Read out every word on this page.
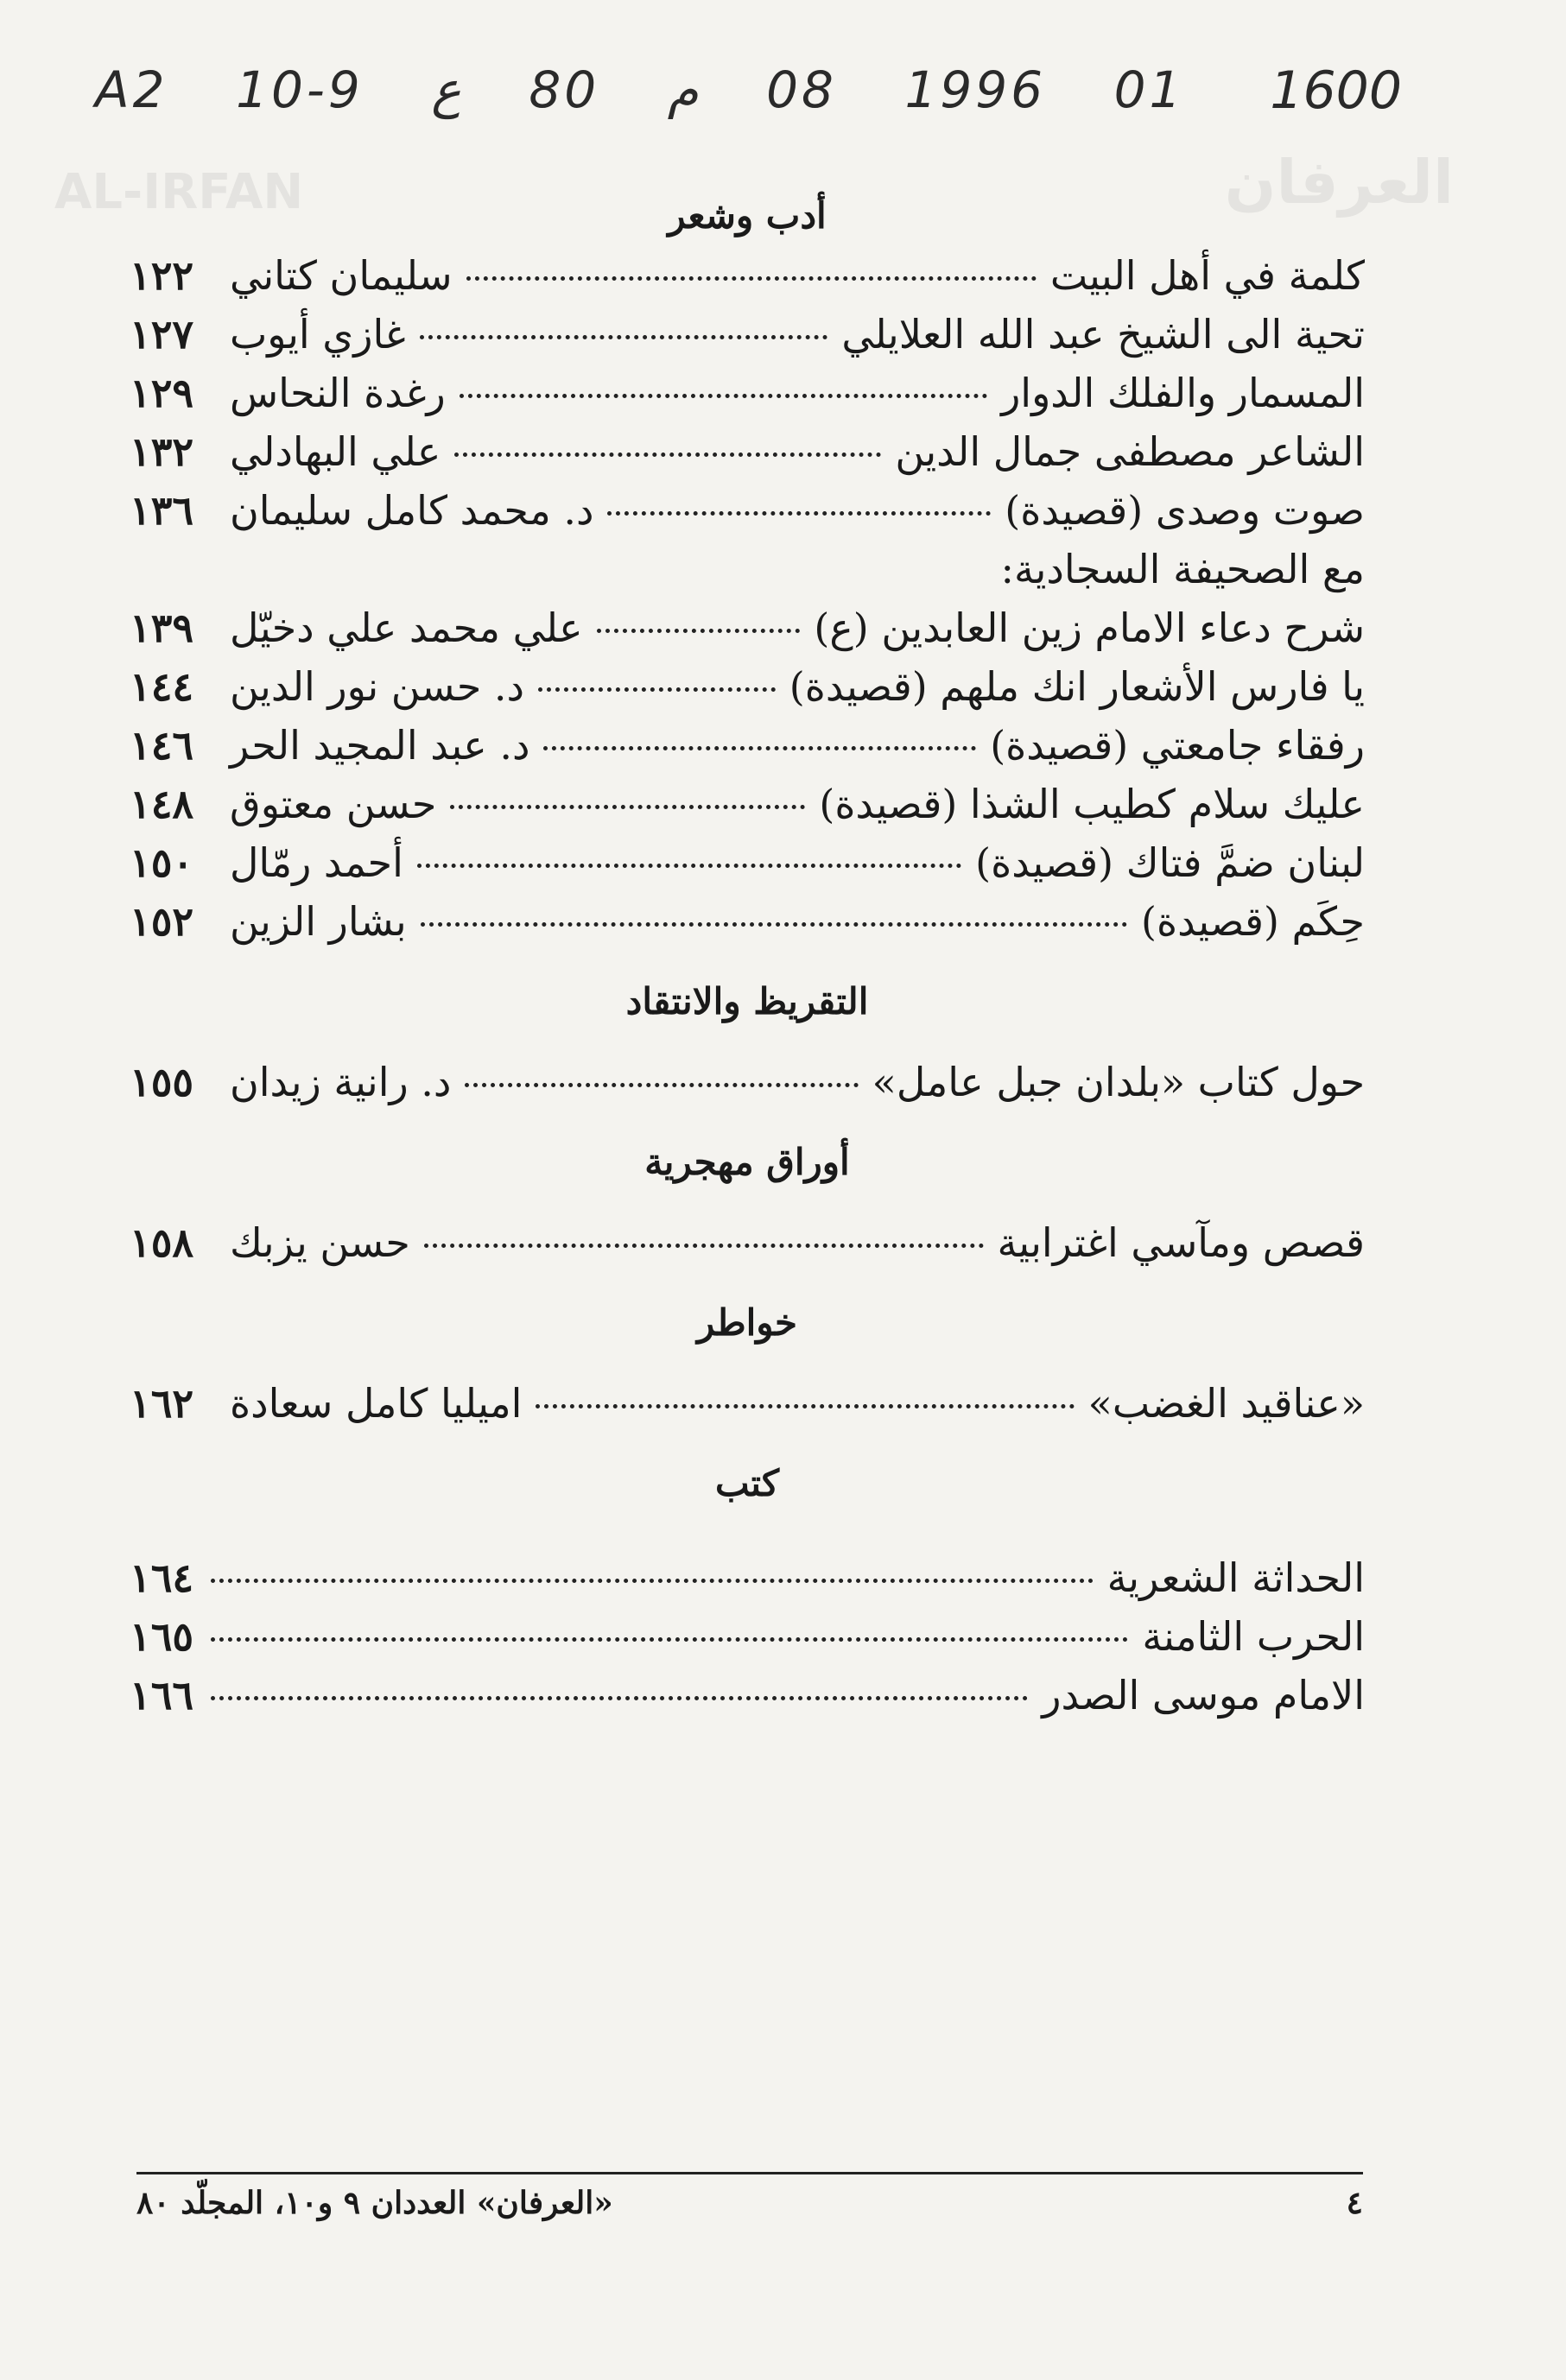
العرفان
AL-IRFAN
A2 10-9 ع 80 م 08 1996 01 1600
أدب وشعر
كلمة في أهل البيت
سليمان كتاني
١٢٢
تحية الى الشيخ عبد الله العلايلي
غازي أيوب
١٢٧
المسمار والفلك الدوار
رغدة النحاس
١٢٩
الشاعر مصطفى جمال الدين
علي البهادلي
١٣٢
صوت وصدى (قصيدة)
د. محمد كامل سليمان
١٣٦
مع الصحيفة السجادية:
شرح دعاء الامام زين العابدين (ع)
علي محمد علي دخيّل
١٣٩
يا فارس الأشعار انك ملهم (قصيدة)
د. حسن نور الدين
١٤٤
رفقاء جامعتي (قصيدة)
د. عبد المجيد الحر
١٤٦
عليك سلام كطيب الشذا (قصيدة)
حسن معتوق
١٤٨
لبنان ضمَّ فتاك (قصيدة)
أحمد رمّال
١٥٠
حِكَم (قصيدة)
بشار الزين
١٥٢
التقريظ والانتقاد
حول كتاب «بلدان جبل عامل»
د. رانية زيدان
١٥٥
أوراق مهجرية
قصص ومآسي اغترابية
حسن يزبك
١٥٨
خواطر
«عناقيد الغضب»
اميليا كامل سعادة
١٦٢
كتب
الحداثة الشعرية
١٦٤
الحرب الثامنة
١٦٥
الامام موسى الصدر
١٦٦
٤
«العرفان» العددان ٩ و١٠، المجلّد ٨٠
